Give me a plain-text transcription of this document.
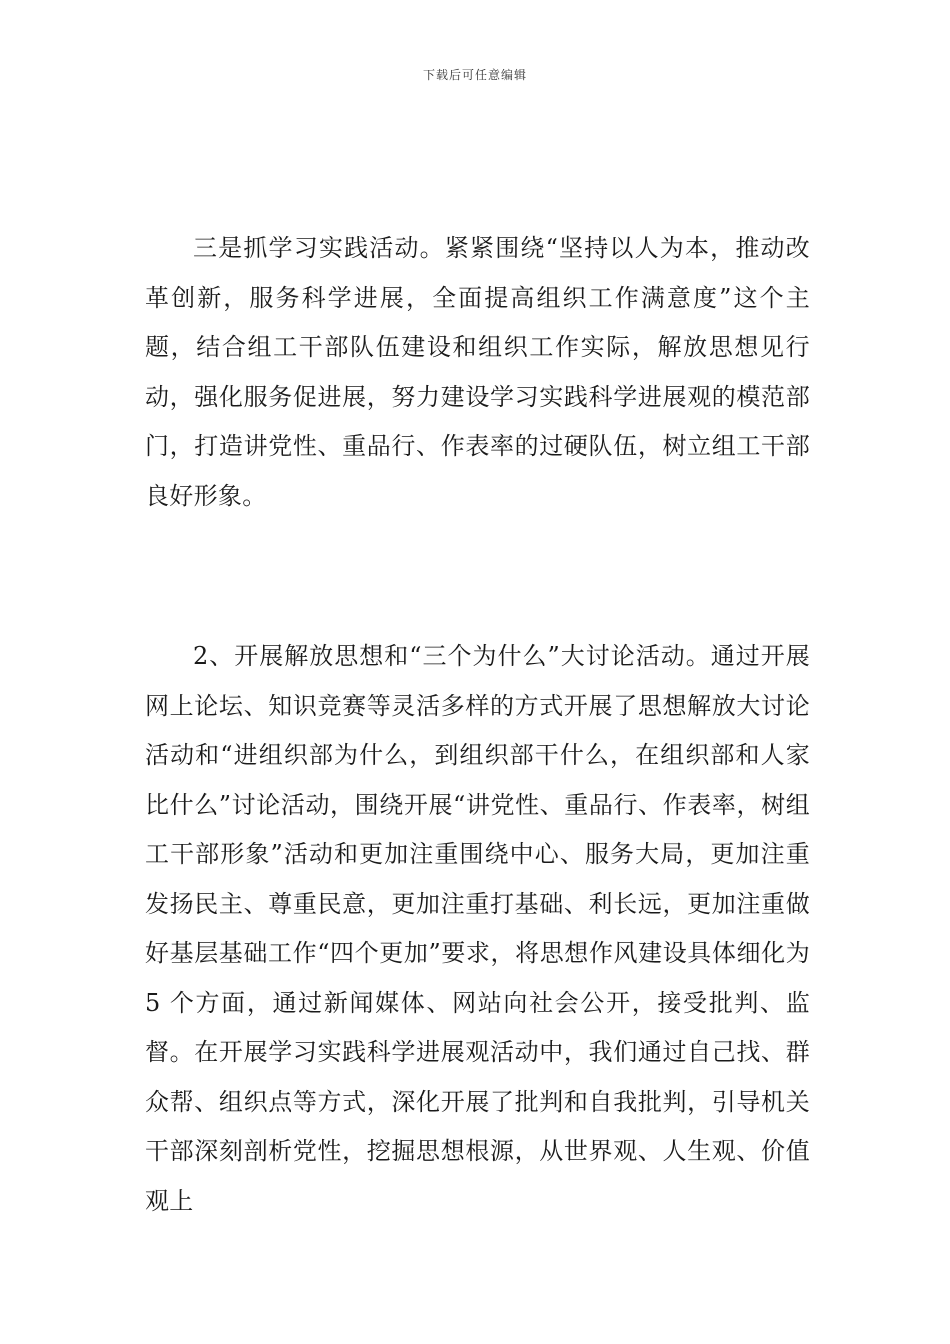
下载后可任意编辑

三是抓学习实践活动。紧紧围绕“坚持以人为本，推动改革创新，服务科学进展，全面提高组织工作满意度”这个主题，结合组工干部队伍建设和组织工作实际，解放思想见行动，强化服务促进展，努力建设学习实践科学进展观的模范部门，打造讲党性、重品行、作表率的过硬队伍，树立组工干部良好形象。

2、开展解放思想和“三个为什么”大讨论活动。通过开展网上论坛、知识竞赛等灵活多样的方式开展了思想解放大讨论活动和“进组织部为什么，到组织部干什么，在组织部和人家比什么”讨论活动，围绕开展“讲党性、重品行、作表率，树组工干部形象”活动和更加注重围绕中心、服务大局，更加注重发扬民主、尊重民意，更加注重打基础、利长远，更加注重做好基层基础工作“四个更加”要求，将思想作风建设具体细化为 5 个方面，通过新闻媒体、网站向社会公开，接受批判、监督。在开展学习实践科学进展观活动中，我们通过自己找、群众帮、组织点等方式，深化开展了批判和自我批判，引导机关干部深刻剖析党性，挖掘思想根源，从世界观、人生观、价值观上
